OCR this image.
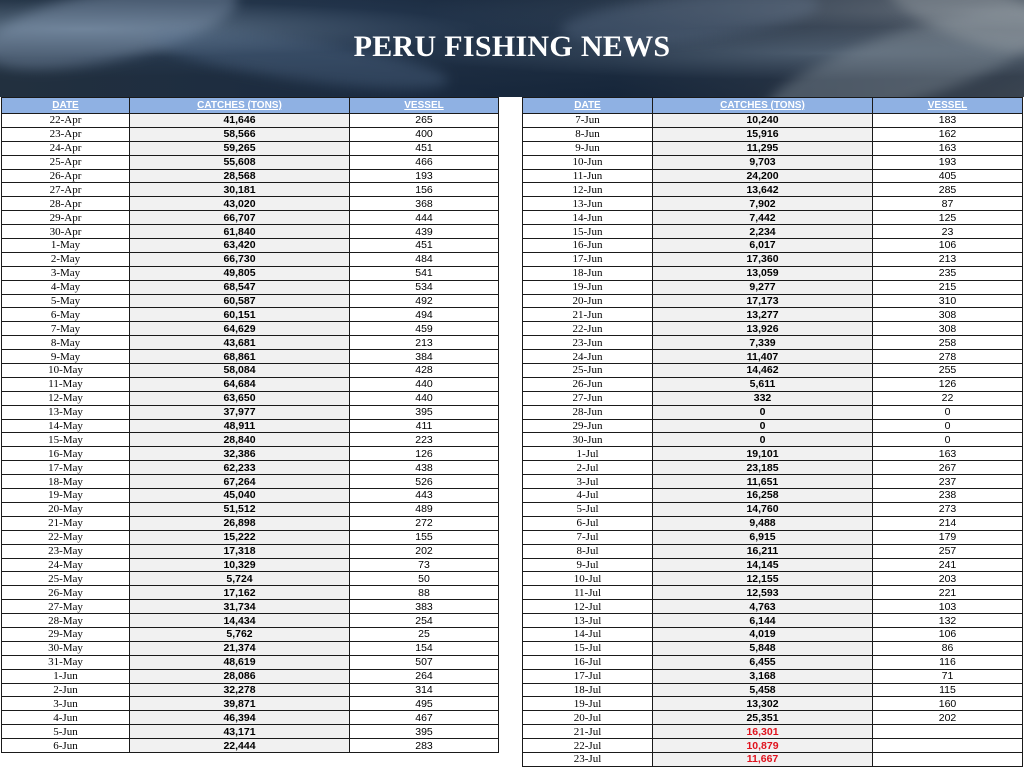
PERU FISHING NEWS
DATE	CATCHES (TONS)	VESSEL
22-Apr	41,646	265
23-Apr	58,566	400
24-Apr	59,265	451
25-Apr	55,608	466
26-Apr	28,568	193
27-Apr	30,181	156
28-Apr	43,020	368
29-Apr	66,707	444
30-Apr	61,840	439
1-May	63,420	451
2-May	66,730	484
3-May	49,805	541
4-May	68,547	534
5-May	60,587	492
6-May	60,151	494
7-May	64,629	459
8-May	43,681	213
9-May	68,861	384
10-May	58,084	428
11-May	64,684	440
12-May	63,650	440
13-May	37,977	395
14-May	48,911	411
15-May	28,840	223
16-May	32,386	126
17-May	62,233	438
18-May	67,264	526
19-May	45,040	443
20-May	51,512	489
21-May	26,898	272
22-May	15,222	155
23-May	17,318	202
24-May	10,329	73
25-May	5,724	50
26-May	17,162	88
27-May	31,734	383
28-May	14,434	254
29-May	5,762	25
30-May	21,374	154
31-May	48,619	507
1-Jun	28,086	264
2-Jun	32,278	314
3-Jun	39,871	495
4-Jun	46,394	467
5-Jun	43,171	395
6-Jun	22,444	283
DATE	CATCHES (TONS)	VESSEL
7-Jun	10,240	183
8-Jun	15,916	162
9-Jun	11,295	163
10-Jun	9,703	193
11-Jun	24,200	405
12-Jun	13,642	285
13-Jun	7,902	87
14-Jun	7,442	125
15-Jun	2,234	23
16-Jun	6,017	106
17-Jun	17,360	213
18-Jun	13,059	235
19-Jun	9,277	215
20-Jun	17,173	310
21-Jun	13,277	308
22-Jun	13,926	308
23-Jun	7,339	258
24-Jun	11,407	278
25-Jun	14,462	255
26-Jun	5,611	126
27-Jun	332	22
28-Jun	0	0
29-Jun	0	0
30-Jun	0	0
1-Jul	19,101	163
2-Jul	23,185	267
3-Jul	11,651	237
4-Jul	16,258	238
5-Jul	14,760	273
6-Jul	9,488	214
7-Jul	6,915	179
8-Jul	16,211	257
9-Jul	14,145	241
10-Jul	12,155	203
11-Jul	12,593	221
12-Jul	4,763	103
13-Jul	6,144	132
14-Jul	4,019	106
15-Jul	5,848	86
16-Jul	6,455	116
17-Jul	3,168	71
18-Jul	5,458	115
19-Jul	13,302	160
20-Jul	25,351	202
21-Jul	16,301	
22-Jul	10,879	
23-Jul	11,667	
